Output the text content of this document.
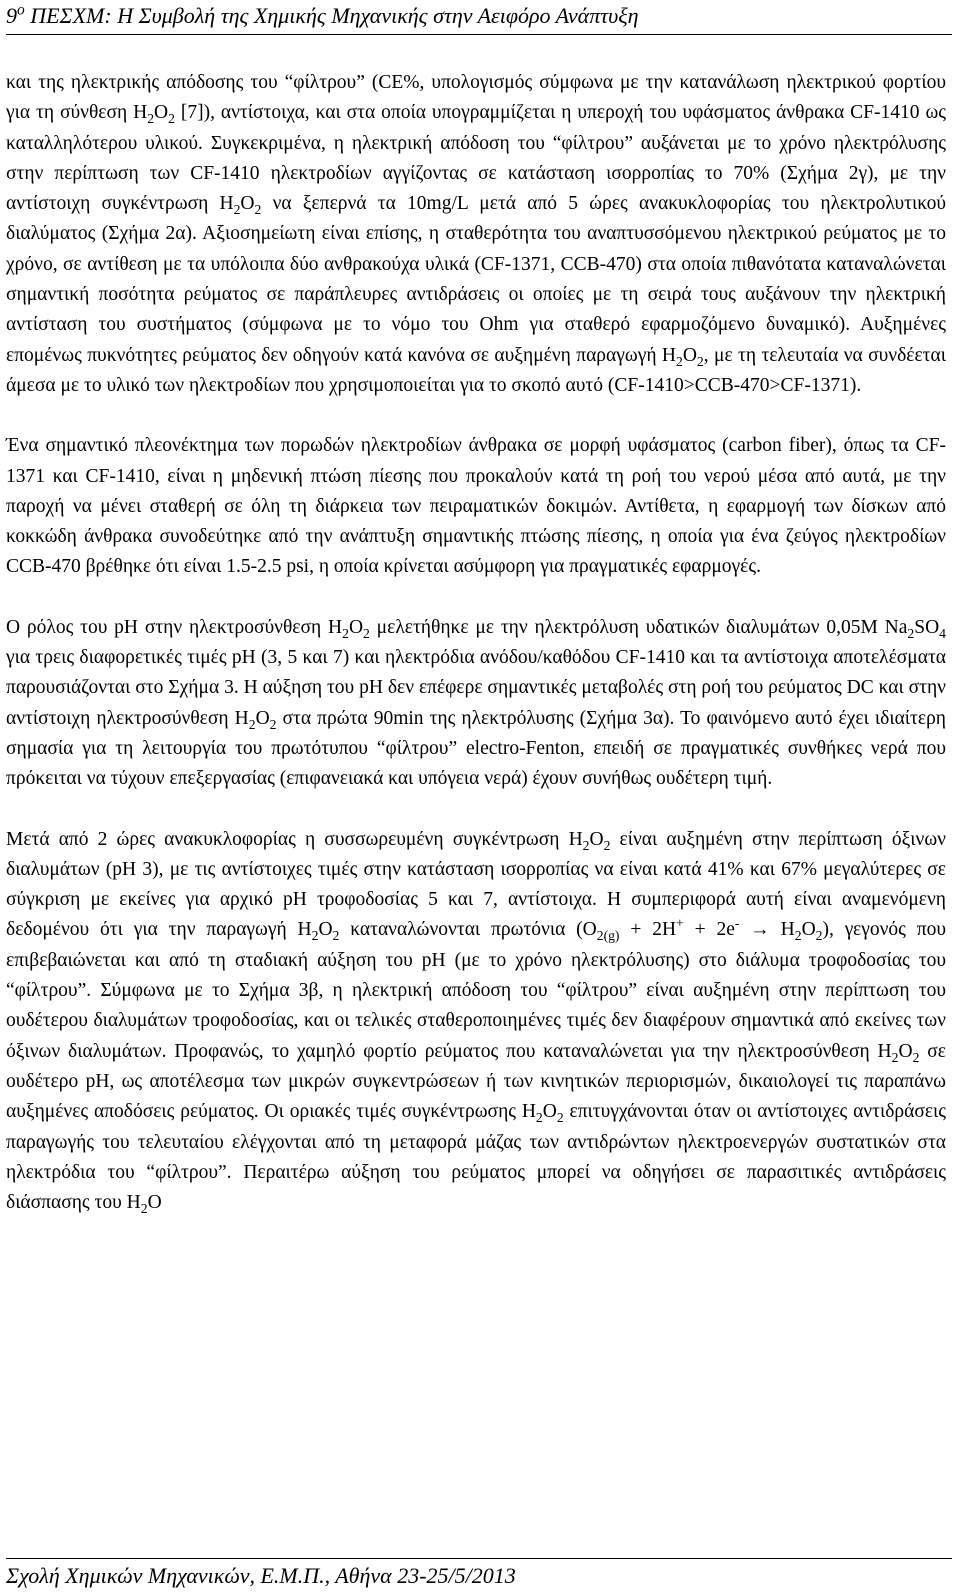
$9^o$ ΠΕΣΧΜ: Η Συμβολή της Χημικής Μηχανικής στην Αειφόρο Ανάπτυξη

και της ηλεκτρικής απόδοσης του “φίλτρου” (CE%, υπολογισμός σύμφωνα με την κατανάλωση ηλεκτρικού φορτίου για τη σύνθεση $H_2O_2$ [7]), αντίστοιχα, και στα οποία υπογραμμίζεται η υπεροχή του υφάσματος άνθρακα CF-1410 ως καταλληλότερου υλικού. Συγκεκριμένα, η ηλεκτρική απόδοση του “φίλτρου” αυξάνεται με το χρόνο ηλεκτρόλυσης στην περίπτωση των CF-1410 ηλεκτροδίων αγγίζοντας σε κατάσταση ισορροπίας το 70% (Σχήμα 2γ), με την αντίστοιχη συγκέντρωση $H_2O_2$ να ξεπερνά τα 10mg/L μετά από 5 ώρες ανακυκλοφορίας του ηλεκτρολυτικού διαλύματος (Σχήμα 2α). Αξιοσημείωτη είναι επίσης, η σταθερότητα του αναπτυσσόμενου ηλεκτρικού ρεύματος με το χρόνο, σε αντίθεση με τα υπόλοιπα δύο ανθρακούχα υλικά (CF-1371, CCB-470) στα οποία πιθανότατα καταναλώνεται σημαντική ποσότητα ρεύματος σε παράπλευρες αντιδράσεις οι οποίες με τη σειρά τους αυξάνουν την ηλεκτρική αντίσταση του συστήματος (σύμφωνα με το νόμο του Ohm για σταθερό εφαρμοζόμενο δυναμικό). Αυξημένες επομένως πυκνότητες ρεύματος δεν οδηγούν κατά κανόνα σε αυξημένη παραγωγή $H_2O_2$, με τη τελευταία να συνδέεται άμεσα με το υλικό των ηλεκτροδίων που χρησιμοποιείται για το σκοπό αυτό (CF-1410>CCB-470>CF-1371).

Ένα σημαντικό πλεονέκτημα των πορωδών ηλεκτροδίων άνθρακα σε μορφή υφάσματος (carbon fiber), όπως τα CF-1371 και CF-1410, είναι η μηδενική πτώση πίεσης που προκαλούν κατά τη ροή του νερού μέσα από αυτά, με την παροχή να μένει σταθερή σε όλη τη διάρκεια των πειραματικών δοκιμών. Αντίθετα, η εφαρμογή των δίσκων από κοκκώδη άνθρακα συνοδεύτηκε από την ανάπτυξη σημαντικής πτώσης πίεσης, η οποία για ένα ζεύγος ηλεκτροδίων CCB-470 βρέθηκε ότι είναι 1.5-2.5 psi, η οποία κρίνεται ασύμφορη για πραγματικές εφαρμογές.

Ο ρόλος του pH στην ηλεκτροσύνθεση $H_2O_2$ μελετήθηκε με την ηλεκτρόλυση υδατικών διαλυμάτων 0,05M $Na_2SO_4$ για τρεις διαφορετικές τιμές pH (3, 5 και 7) και ηλεκτρόδια ανόδου/καθόδου CF-1410 και τα αντίστοιχα αποτελέσματα παρουσιάζονται στο Σχήμα 3. Η αύξηση του pH δεν επέφερε σημαντικές μεταβολές στη ροή του ρεύματος DC και στην αντίστοιχη ηλεκτροσύνθεση $H_2O_2$ στα πρώτα 90min της ηλεκτρόλυσης (Σχήμα 3α). Το φαινόμενο αυτό έχει ιδιαίτερη σημασία για τη λειτουργία του πρωτότυπου “φίλτρου” electro-Fenton, επειδή σε πραγματικές συνθήκες νερά που πρόκειται να τύχουν επεξεργασίας (επιφανειακά και υπόγεια νερά) έχουν συνήθως ουδέτερη τιμή.

Μετά από 2 ώρες ανακυκλοφορίας η συσσωρευμένη συγκέντρωση $H_2O_2$ είναι αυξημένη στην περίπτωση όξινων διαλυμάτων (pH 3), με τις αντίστοιχες τιμές στην κατάσταση ισορροπίας να είναι κατά 41% και 67% μεγαλύτερες σε σύγκριση με εκείνες για αρχικό pH τροφοδοσίας 5 και 7, αντίστοιχα. Η συμπεριφορά αυτή είναι αναμενόμενη δεδομένου ότι για την παραγωγή $H_2O_2$ καταναλώνονται πρωτόνια $(O_{2(g)} + 2H^+ + 2e^- \to H_2O_2)$, γεγονός που επιβεβαιώνεται και από τη σταδιακή αύξηση του pH (με το χρόνο ηλεκτρόλυσης) στο διάλυμα τροφοδοσίας του “φίλτρου”. Σύμφωνα με το Σχήμα 3β, η ηλεκτρική απόδοση του “φίλτρου” είναι αυξημένη στην περίπτωση του ουδέτερου διαλυμάτων τροφοδοσίας, και οι τελικές σταθεροποιημένες τιμές δεν διαφέρουν σημαντικά από εκείνες των όξινων διαλυμάτων. Προφανώς, το χαμηλό φορτίο ρεύματος που καταναλώνεται για την ηλεκτροσύνθεση $H_2O_2$ σε ουδέτερο pH, ως αποτέλεσμα των μικρών συγκεντρώσεων ή των κινητικών περιορισμών, δικαιολογεί τις παραπάνω αυξημένες αποδόσεις ρεύματος. Οι οριακές τιμές συγκέντρωσης $H_2O_2$ επιτυγχάνονται όταν οι αντίστοιχες αντιδράσεις παραγωγής του τελευταίου ελέγχονται από τη μεταφορά μάζας των αντιδρώντων ηλεκτροενεργών συστατικών στα ηλεκτρόδια του “φίλτρου”. Περαιτέρω αύξηση του ρεύματος μπορεί να οδηγήσει σε παρασιτικές αντιδράσεις διάσπασης του $H_2O$

Σχολή Χημικών Μηχανικών, Ε.Μ.Π., Αθήνα 23-25/5/2013
